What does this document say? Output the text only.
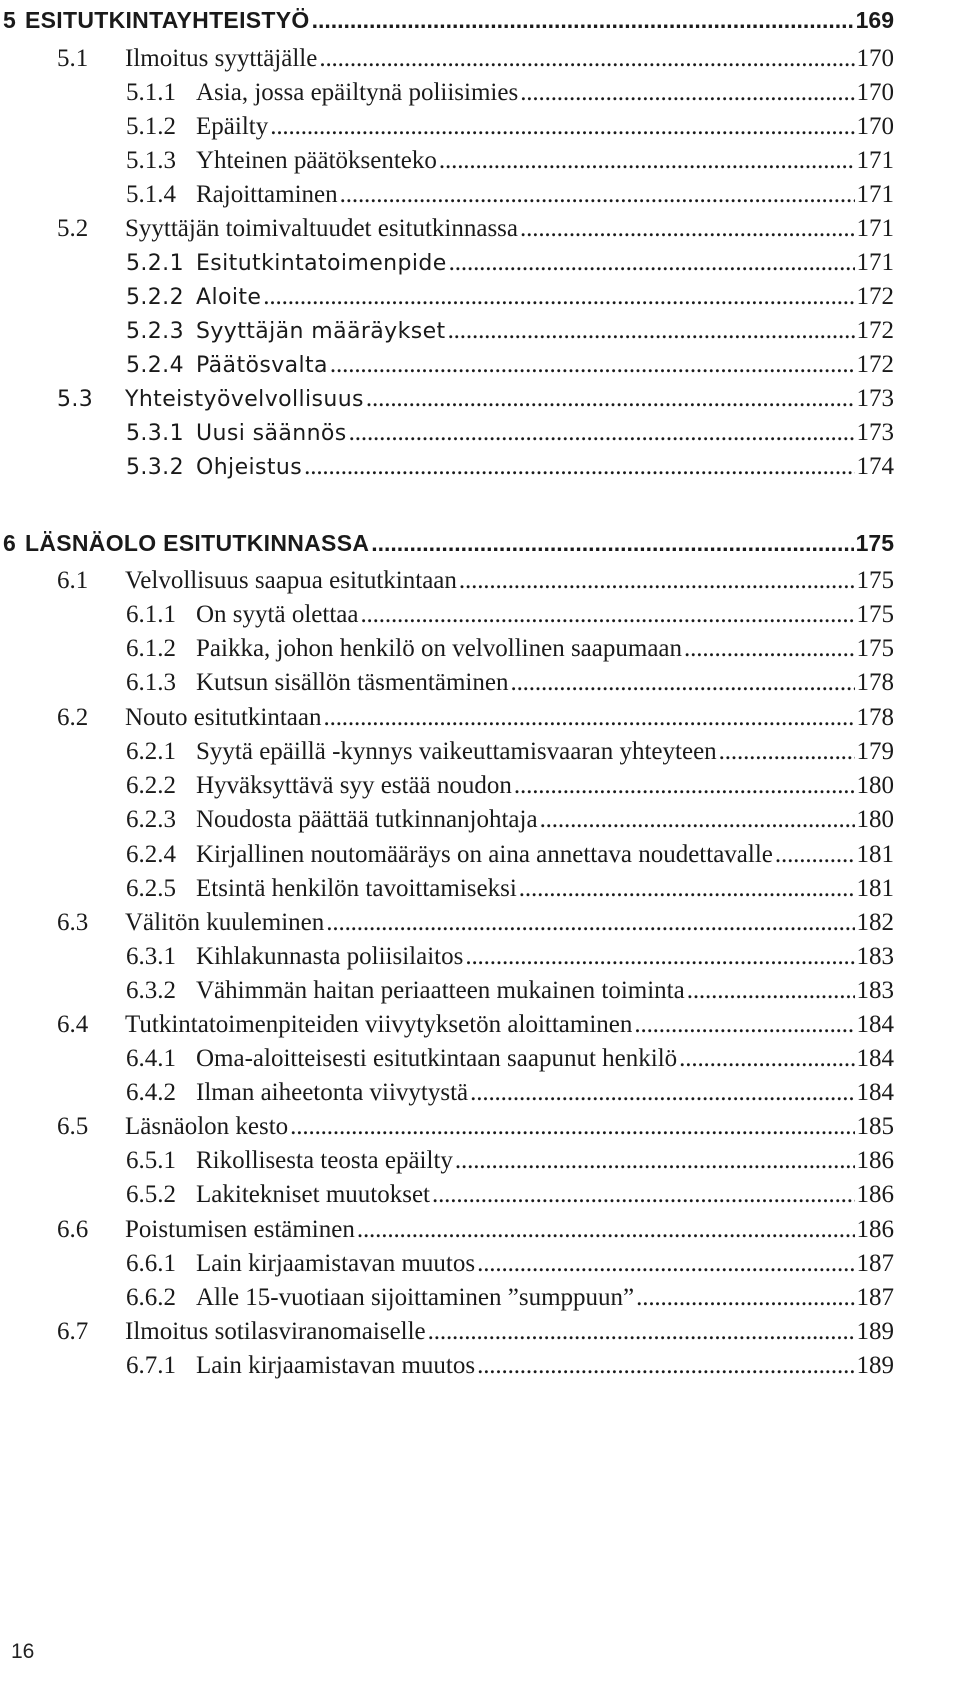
5 ESITUTKINTAYHTEISTYÖ . . .	169
5.1	Ilmoitus syyttäjälle . . .	170
5.1.1 Asia, jossa epäiltynä poliisimies . . .	170
5.1.2 Epäilty . . .	170
5.1.3 Yhteinen päätöksenteko . . .	171
5.1.4 Rajoittaminen . . .	171
5.2	Syyttäjän toimivaltuudet esitutkinnassa . . .	171
5.2.1 Esitutkintatoimenpide . . .	171
5.2.2 Aloite . . .	172
5.2.3 Syyttäjän määräykset . . .	172
5.2.4 Päätösvalta . . .	172
5.3	Yhteistyövelvollisuus . . .	173
5.3.1 Uusi säännös . . .	173
5.3.2 Ohjeistus . . .	174
6 LÄSNÄOLO ESITUTKINNASSA . . .	175
6.1	Velvollisuus saapua esitutkintaan . . .	175
6.1.1 On syytä olettaa . . .	175
6.1.2 Paikka, johon henkilö on velvollinen saapumaan . . .	175
6.1.3 Kutsun sisällön täsmentäminen . . .	178
6.2	Nouto esitutkintaan . . .	178
6.2.1 Syytä epäillä -kynnys vaikeuttamisvaaran yhteyteen . . .	179
6.2.2 Hyväksyttävä syy estää noudon . . .	180
6.2.3 Noudosta päättää tutkinnanjohtaja . . .	180
6.2.4 Kirjallinen noutomääräys on aina annettava noudettavalle . . .	181
6.2.5 Etsintä henkilön tavoittamiseksi . . .	181
6.3	Välitön kuuleminen . . .	182
6.3.1 Kihlakunnasta poliisilaitos . . .	183
6.3.2 Vähimmän haitan periaatteen mukainen toiminta . . .	183
6.4	Tutkintatoimenpiteiden viivytyksetön aloittaminen . . .	184
6.4.1 Oma-aloitteisesti esitutkintaan saapunut henkilö . . .	184
6.4.2 Ilman aiheetonta viivytystä . . .	184
6.5	Läsnäolon kesto . . .	185
6.5.1 Rikollisesta teosta epäilty . . .	186
6.5.2 Lakitekniset muutokset . . .	186
6.6	Poistumisen estäminen . . .	186
6.6.1 Lain kirjaamistavan muutos . . .	187
6.6.2 Alle 15-vuotiaan sijoittaminen ”sumppuun” . . .	187
6.7	Ilmoitus sotilasviranomaiselle . . .	189
6.7.1 Lain kirjaamistavan muutos . . .	189
16
